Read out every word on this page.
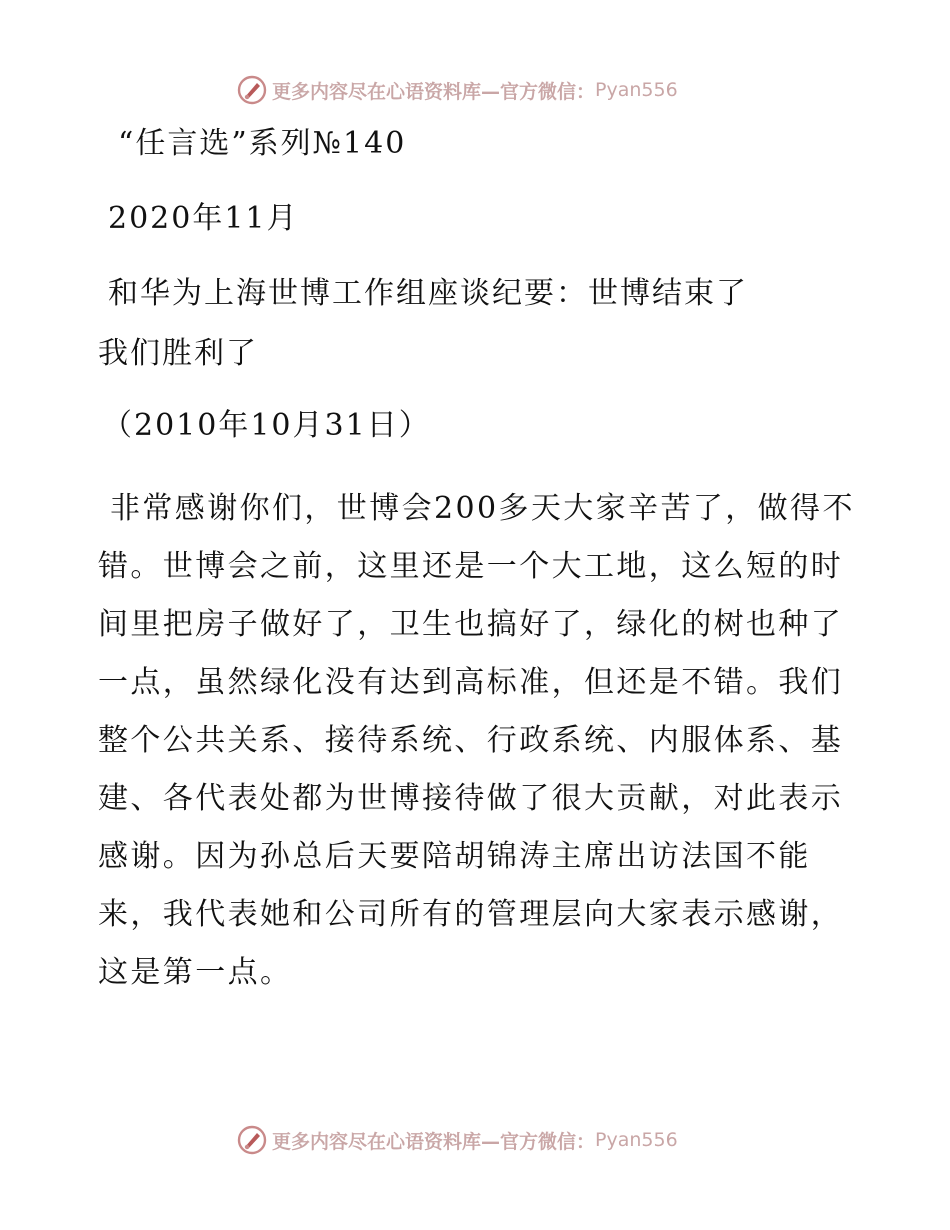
更多内容尽在心语资料库—官方微信： Pyan556
“任言选”系列№140
2020年11月
和华为上海世博工作组座谈纪要：世博结束了
我们胜利了
（2010年10月31日）
非常感谢你们，世博会200多天大家辛苦了，做得不错。世博会之前，这里还是一个大工地，这么短的时间里把房子做好了，卫生也搞好了，绿化的树也种了一点，虽然绿化没有达到高标准，但还是不错。我们整个公共关系、接待系统、行政系统、内服体系、基建、各代表处都为世博接待做了很大贡献，对此表示感谢。因为孙总后天要陪胡锦涛主席出访法国不能来，我代表她和公司所有的管理层向大家表示感谢，这是第一点。
更多内容尽在心语资料库—官方微信： Pyan556
